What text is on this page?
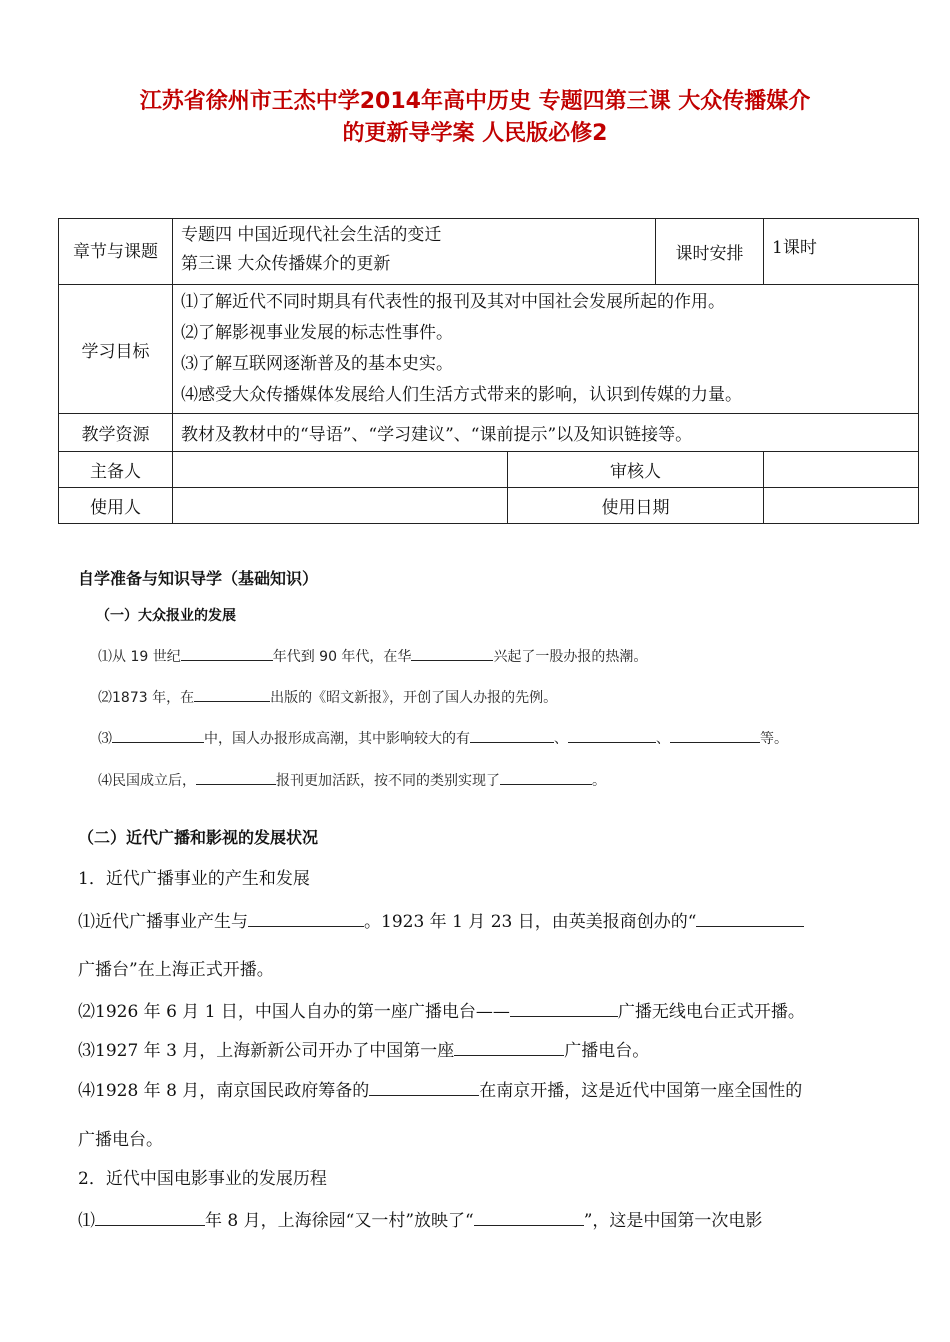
江苏省徐州市王杰中学2014年高中历史 专题四第三课 大众传播媒介
的更新导学案 人民版必修2
章节与课题	专题四 中国近现代社会生活的变迁
第三课 大众传播媒介的更新		课时安排	1课时
学习目标	⑴了解近代不同时期具有代表性的报刊及其对中国社会发展所起的作用。
⑵了解影视事业发展的标志性事件。
⑶了解互联网逐渐普及的基本史实。
⑷感受大众传播媒体发展给人们生活方式带来的影响，认识到传媒的力量。			

教学资源	教材及教材中的“导语”、“学习建议”、“课前提示”以及知识链接等。			
主备人		审核人		
使用人		使用日期		
自学准备与知识导学（基础知识）
（一）大众报业的发展
⑴从 19 世纪	年代到 90 年代，在华	兴起了一股办报的热潮。
⑵1873 年，在	出版的《昭文新报》，开创了国人办报的先例。
⑶	中，国人办报形成高潮，其中影响较大的有	、	、	等。
⑷民国成立后，	报刊更加活跃，按不同的类别实现了	。
（二）近代广播和影视的发展状况
1．近代广播事业的产生和发展
⑴近代广播事业产生与	。1923 年 1 月 23 日，由英美报商创办的“
广播台”在上海正式开播。
⑵1926 年 6 月 1 日，中国人自办的第一座广播电台——	广播无线电台正式开播。
⑶1927 年 3 月，上海新新公司开办了中国第一座	广播电台。
⑷1928 年 8 月，南京国民政府筹备的	在南京开播，这是近代中国第一座全国性的
广播电台。
2．近代中国电影事业的发展历程
⑴	年 8 月，上海徐园“又一村”放映了“	”，这是中国第一次电影
